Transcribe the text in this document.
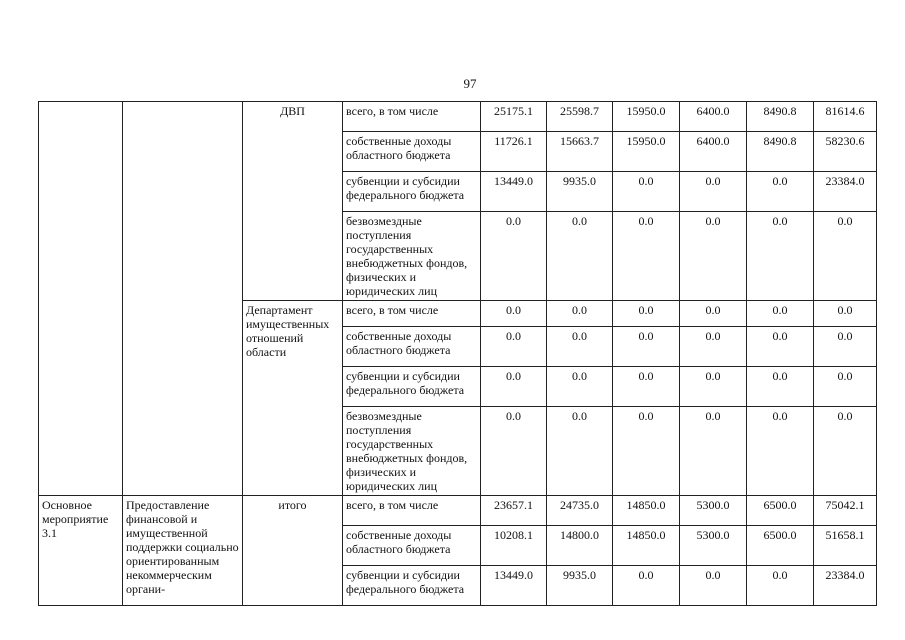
97
		ДВП	всего, в том числе	25175.1	25598.7	15950.0	6400.0	8490.8	81614.6
			собственные доходы областного бюджета	11726.1	15663.7	15950.0	6400.0	8490.8	58230.6
			субвенции и субсидии федерального бюджета	13449.0	9935.0	0.0	0.0	0.0	23384.0
			безвозмездные поступления государственных внебюджетных фондов, физических и юридических лиц	0.0	0.0	0.0	0.0	0.0	0.0
		Департамент имущественных отношений области	всего, в том числе	0.0	0.0	0.0	0.0	0.0	0.0
			собственные доходы областного бюджета	0.0	0.0	0.0	0.0	0.0	0.0
			субвенции и субсидии федерального бюджета	0.0	0.0	0.0	0.0	0.0	0.0
			безвозмездные поступления государственных внебюджетных фондов, физических и юридических лиц	0.0	0.0	0.0	0.0	0.0	0.0
Основное мероприятие 3.1	Предоставление финансовой и имущественной поддержки социально ориентированным некоммерческим органи-	итого	всего, в том числе	23657.1	24735.0	14850.0	5300.0	6500.0	75042.1
			собственные доходы областного бюджета	10208.1	14800.0	14850.0	5300.0	6500.0	51658.1
			субвенции и субсидии федерального бюджета	13449.0	9935.0	0.0	0.0	0.0	23384.0
